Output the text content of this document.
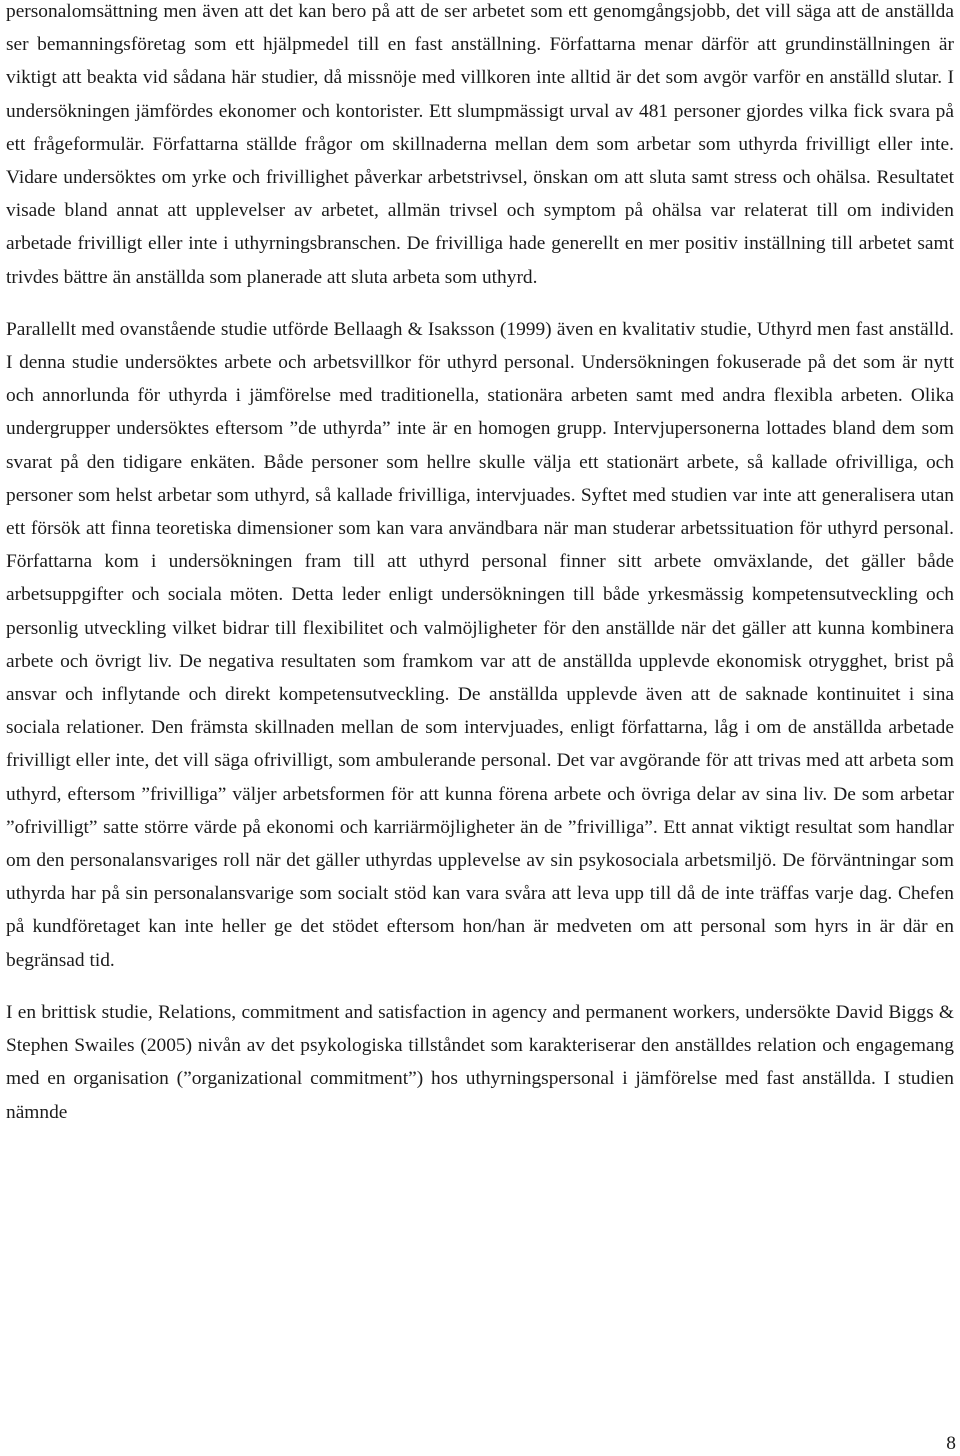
personalomsättning men även att det kan bero på att de ser arbetet som ett genomgångsjobb, det vill säga att de anställda ser bemanningsföretag som ett hjälpmedel till en fast anställning. Författarna menar därför att grundinställningen är viktigt att beakta vid sådana här studier, då missnöje med villkoren inte alltid är det som avgör varför en anställd slutar. I undersökningen jämfördes ekonomer och kontorister. Ett slumpmässigt urval av 481 personer gjordes vilka fick svara på ett frågeformulär. Författarna ställde frågor om skillnaderna mellan dem som arbetar som uthyrda frivilligt eller inte. Vidare undersöktes om yrke och frivillighet påverkar arbetstrivsel, önskan om att sluta samt stress och ohälsa. Resultatet visade bland annat att upplevelser av arbetet, allmän trivsel och symptom på ohälsa var relaterat till om individen arbetade frivilligt eller inte i uthyrningsbranschen. De frivilliga hade generellt en mer positiv inställning till arbetet samt trivdes bättre än anställda som planerade att sluta arbeta som uthyrd.

Parallellt med ovanstående studie utförde Bellaagh & Isaksson (1999) även en kvalitativ studie, Uthyrd men fast anställd. I denna studie undersöktes arbete och arbetsvillkor för uthyrd personal. Undersökningen fokuserade på det som är nytt och annorlunda för uthyrda i jämförelse med traditionella, stationära arbeten samt med andra flexibla arbeten. Olika undergrupper undersöktes eftersom ”de uthyrda” inte är en homogen grupp. Intervjupersonerna lottades bland dem som svarat på den tidigare enkäten. Både personer som hellre skulle välja ett stationärt arbete, så kallade ofrivilliga, och personer som helst arbetar som uthyrd, så kallade frivilliga, intervjuades. Syftet med studien var inte att generalisera utan ett försök att finna teoretiska dimensioner som kan vara användbara när man studerar arbetssituation för uthyrd personal. Författarna kom i undersökningen fram till att uthyrd personal finner sitt arbete omväxlande, det gäller både arbetsuppgifter och sociala möten. Detta leder enligt undersökningen till både yrkesmässig kompetensutveckling och personlig utveckling vilket bidrar till flexibilitet och valmöjligheter för den anställde när det gäller att kunna kombinera arbete och övrigt liv. De negativa resultaten som framkom var att de anställda upplevde ekonomisk otrygghet, brist på ansvar och inflytande och direkt kompetensutveckling. De anställda upplevde även att de saknade kontinuitet i sina sociala relationer. Den främsta skillnaden mellan de som intervjuades, enligt författarna, låg i om de anställda arbetade frivilligt eller inte, det vill säga ofrivilligt, som ambulerande personal. Det var avgörande för att trivas med att arbeta som uthyrd, eftersom ”frivilliga” väljer arbetsformen för att kunna förena arbete och övriga delar av sina liv. De som arbetar ”ofrivilligt” satte större värde på ekonomi och karriärmöjligheter än de ”frivilliga”. Ett annat viktigt resultat som handlar om den personalansvariges roll när det gäller uthyrdas upplevelse av sin psykosociala arbetsmiljö. De förväntningar som uthyrda har på sin personalansvarige som socialt stöd kan vara svåra att leva upp till då de inte träffas varje dag. Chefen på kundföretaget kan inte heller ge det stödet eftersom hon/han är medveten om att personal som hyrs in är där en begränsad tid.

I en brittisk studie, Relations, commitment and satisfaction in agency and permanent workers, undersökte David Biggs & Stephen Swailes (2005) nivån av det psykologiska tillståndet som karakteriserar den anställdes relation och engagemang med en organisation (”organizational commitment”) hos uthyrningspersonal i jämförelse med fast anställda. I studien nämnde

8
